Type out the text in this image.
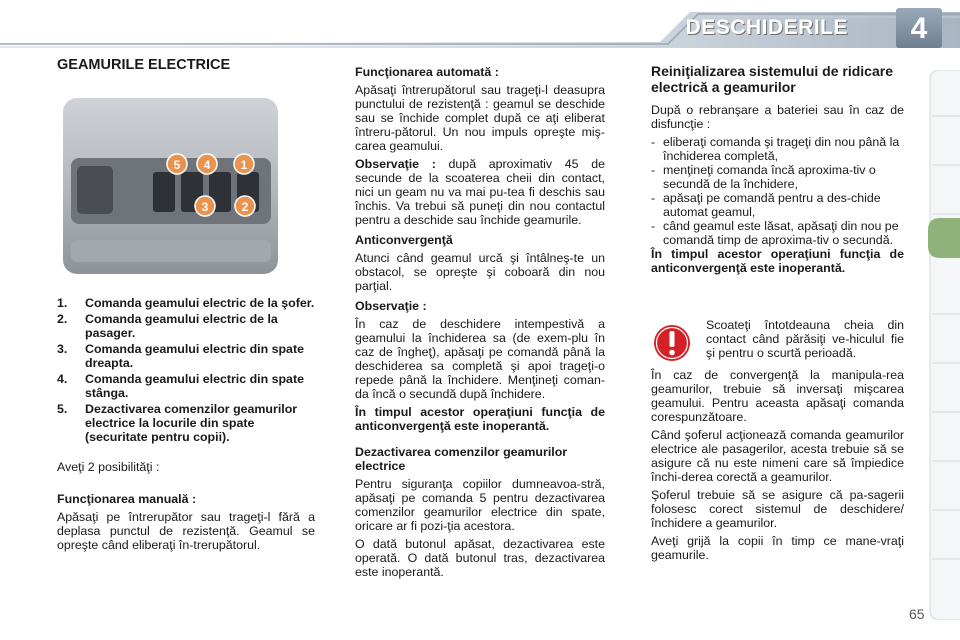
DESCHIDERILE	4
GEAMURILE ELECTRICE
5 4	1
3	2
1.	Comanda geamului electric de la şofer.
2.	Comanda geamului electric de la pasager.
3.	Comanda geamului electric din spate dreapta.
4.	Comanda geamului electric din spate stânga.
5.	Dezactivarea comenzilor geamurilor electrice la locurile din spate (securitate pentru copii).
Aveţi 2 posibilităţi :
Funcţionarea manuală :
Apăsaţi pe întrerupător sau trageţi-l fără a deplasa punctul de rezistenţă. Geamul se opreşte când eliberaţi în-trerupătorul.
Funcţionarea automată :
Apăsaţi întrerupătorul sau trageţi-l deasupra punctului de rezistenţă : geamul se deschide sau se închide complet după ce aţi eliberat întreru-pătorul. Un nou impuls opreşte miş-carea geamului.
Observaţie : după aproximativ 45 de secunde de la scoaterea cheii din contact, nici un geam nu va mai pu-tea fi deschis sau închis. Va trebui să puneţi din nou contactul pentru a deschide sau închide geamurile.
Anticonvergenţă
Atunci când geamul urcă şi întâlneş-te un obstacol, se opreşte şi coboară din nou parţial.
Observaţie :
În caz de deschidere intempestivă a geamului la închiderea sa (de exem-plu în caz de îngheţ), apăsaţi pe comandă până la deschiderea sa completă şi apoi trageţi-o repede până la închidere. Menţineţi coman-da încă o secundă după închidere.
În timpul acestor operaţiuni funcţia de anticonvergenţă este inoperantă.
Dezactivarea comenzilor geamurilor electrice
Pentru siguranţa copiilor dumneavoa-stră, apăsaţi pe comanda 5 pentru dezactivarea comenzilor geamurilor electrice din spate, oricare ar fi pozi-ţia acestora.
O dată butonul apăsat, dezactivarea este operată. O dată butonul tras, dezactivarea este inoperantă.
Reiniţializarea sistemului de ridicare electrică a geamurilor
După o rebranşare a bateriei sau în caz de disfuncţie :
- eliberaţi comanda şi trageţi din nou până la închiderea completă,
- menţineţi comanda încă aproxima-tiv o secundă de la închidere,
- apăsaţi pe comandă pentru a des-chide automat geamul,
- când geamul este lăsat, apăsaţi din nou pe comandă timp de aproxima-tiv o secundă.
În timpul acestor operaţiuni funcţia de anticonvergenţă este inoperantă.
Scoateţi întotdeauna cheia din contact când părăsiţi ve-hiculul fie şi pentru o scurtă perioadă.
În caz de convergenţă la manipula-rea geamurilor, trebuie să inversaţi mişcarea geamului. Pentru aceasta apăsaţi comanda corespunzătoare.
Când şoferul acţionează comanda geamurilor electrice ale pasagerilor, acesta trebuie să se asigure că nu este nimeni care să împiedice închi-derea corectă a geamurilor.
Şoferul trebuie să se asigure că pa-sagerii folosesc corect sistemul de deschidere/închidere a geamurilor.
Aveţi grijă la copii în timp ce mane-vraţi geamurile.
65
